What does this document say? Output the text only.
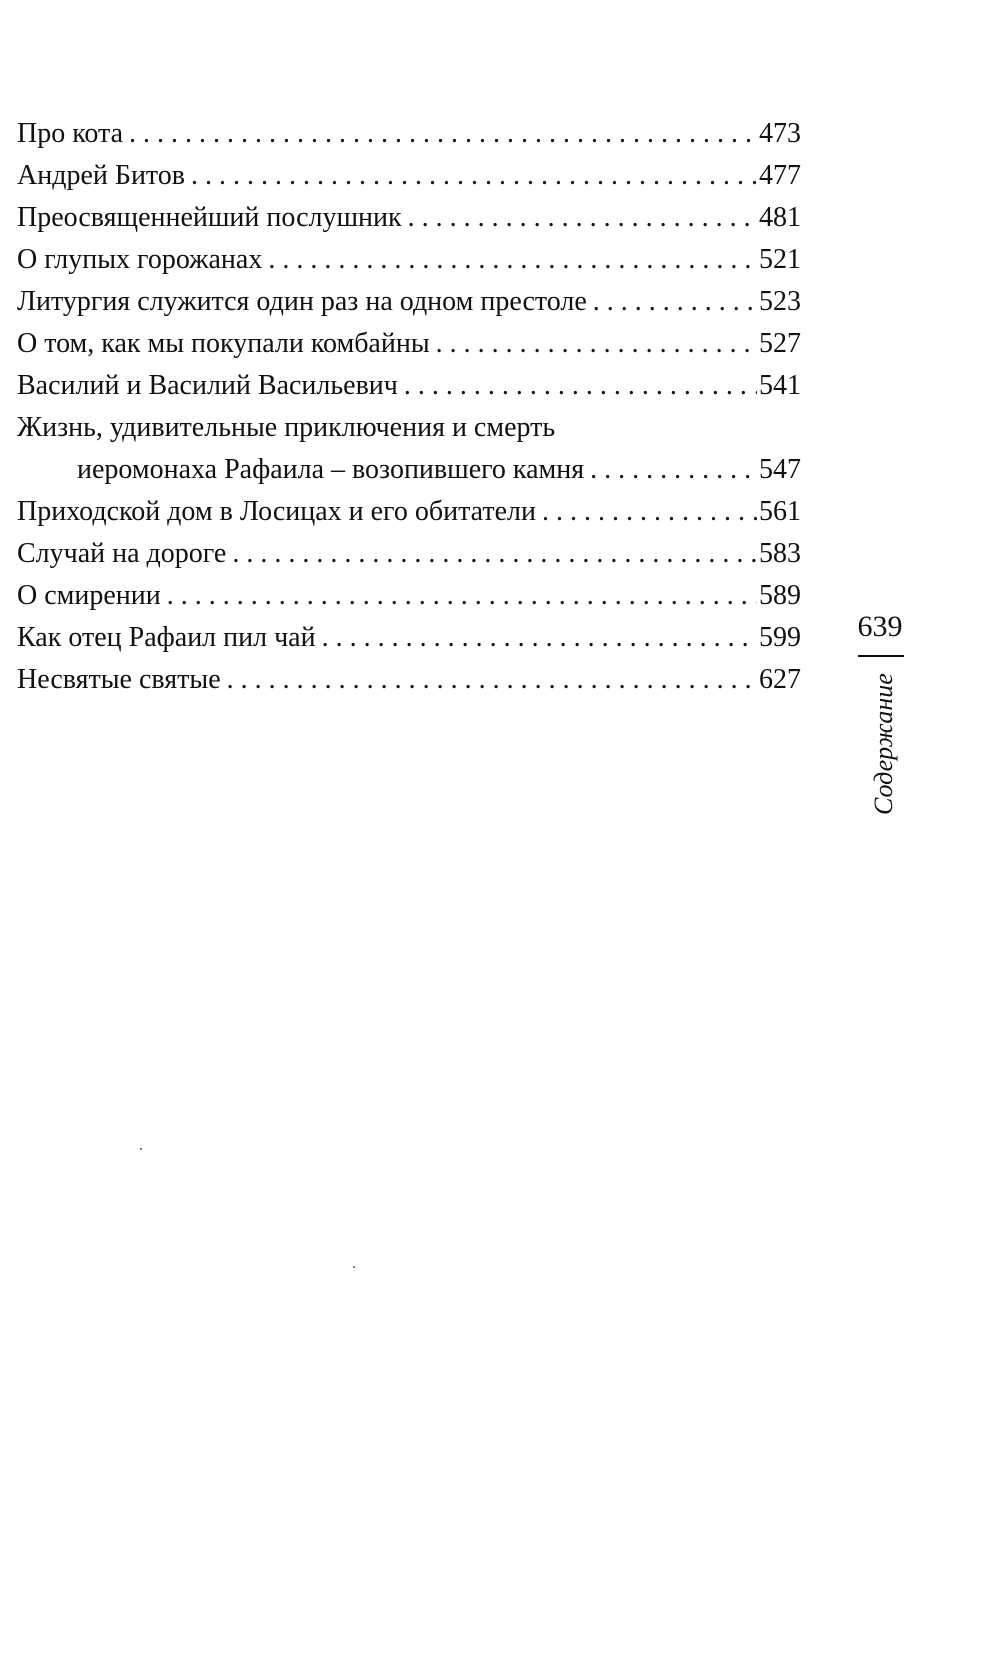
Про кота . . .	473
Андрей Битов . . .	477
Преосвященнейший послушник . . .	481
О глупых горожанах . . .	521
Литургия служится один раз на одном престоле . . .	523
О том, как мы покупали комбайны . . .	527
Василий и Василий Васильевич . . .	541
Жизнь, удивительные приключения и смерть
иеромонаха Рафаила – возопившего камня . . .	547
Приходской дом в Лосицах и его обитатели . . .	561
Случай на дороге . . .	583
О смирении . . .	589
Как отец Рафаил пил чай . . .	599
Несвятые святые . . .	627
639
Содержание
